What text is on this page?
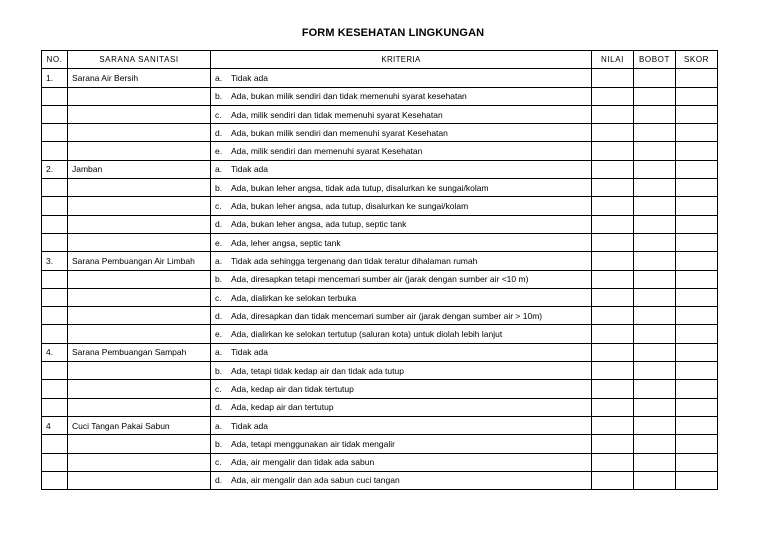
FORM KESEHATAN LINGKUNGAN
NO.	SARANA SANITASI	KRITERIA	NILAI	BOBOT	SKOR
1.	Sarana Air Bersih	a. Tidak ada			
		b. Ada, bukan milik sendiri dan tidak memenuhi syarat kesehatan			
		c. Ada, milik sendiri dan tidak memenuhi syarat Kesehatan			
		d. Ada, bukan milik sendiri dan memenuhi syarat Kesehatan			
		e. Ada, milik sendiri dan memenuhi syarat Kesehatan			
2.	Jamban	a. Tidak ada			
		b. Ada, bukan leher angsa, tidak ada tutup, disalurkan ke sungai/kolam			
		c. Ada, bukan leher angsa, ada tutup, disalurkan ke sungai/kolam			
		d. Ada, bukan leher angsa, ada tutup, septic tank			
		e. Ada, leher angsa, septic tank			
3.	Sarana Pembuangan Air Limbah	a. Tidak ada sehingga tergenang dan tidak teratur dihalaman rumah			
		b. Ada, diresapkan tetapi mencemari sumber air (jarak dengan sumber air <10 m)			
		c. Ada, dialirkan ke selokan terbuka			
		d. Ada, diresapkan dan tidak mencemari sumber air (jarak dengan sumber air > 10m)			
		e. Ada, dialirkan ke selokan tertutup (saluran kota) untuk diolah lebih lanjut			
4.	Sarana Pembuangan Sampah	a. Tidak ada			
		b. Ada, tetapi tidak kedap air dan tidak ada tutup			
		c. Ada, kedap air dan tidak tertutup			
		d. Ada, kedap air dan tertutup			
4	Cuci Tangan Pakai Sabun	a. Tidak ada			
		b. Ada, tetapi menggunakan air tidak mengalir			
		c. Ada, air mengalir dan tidak ada sabun			
		d. Ada, air mengalir dan ada sabun cuci tangan			
